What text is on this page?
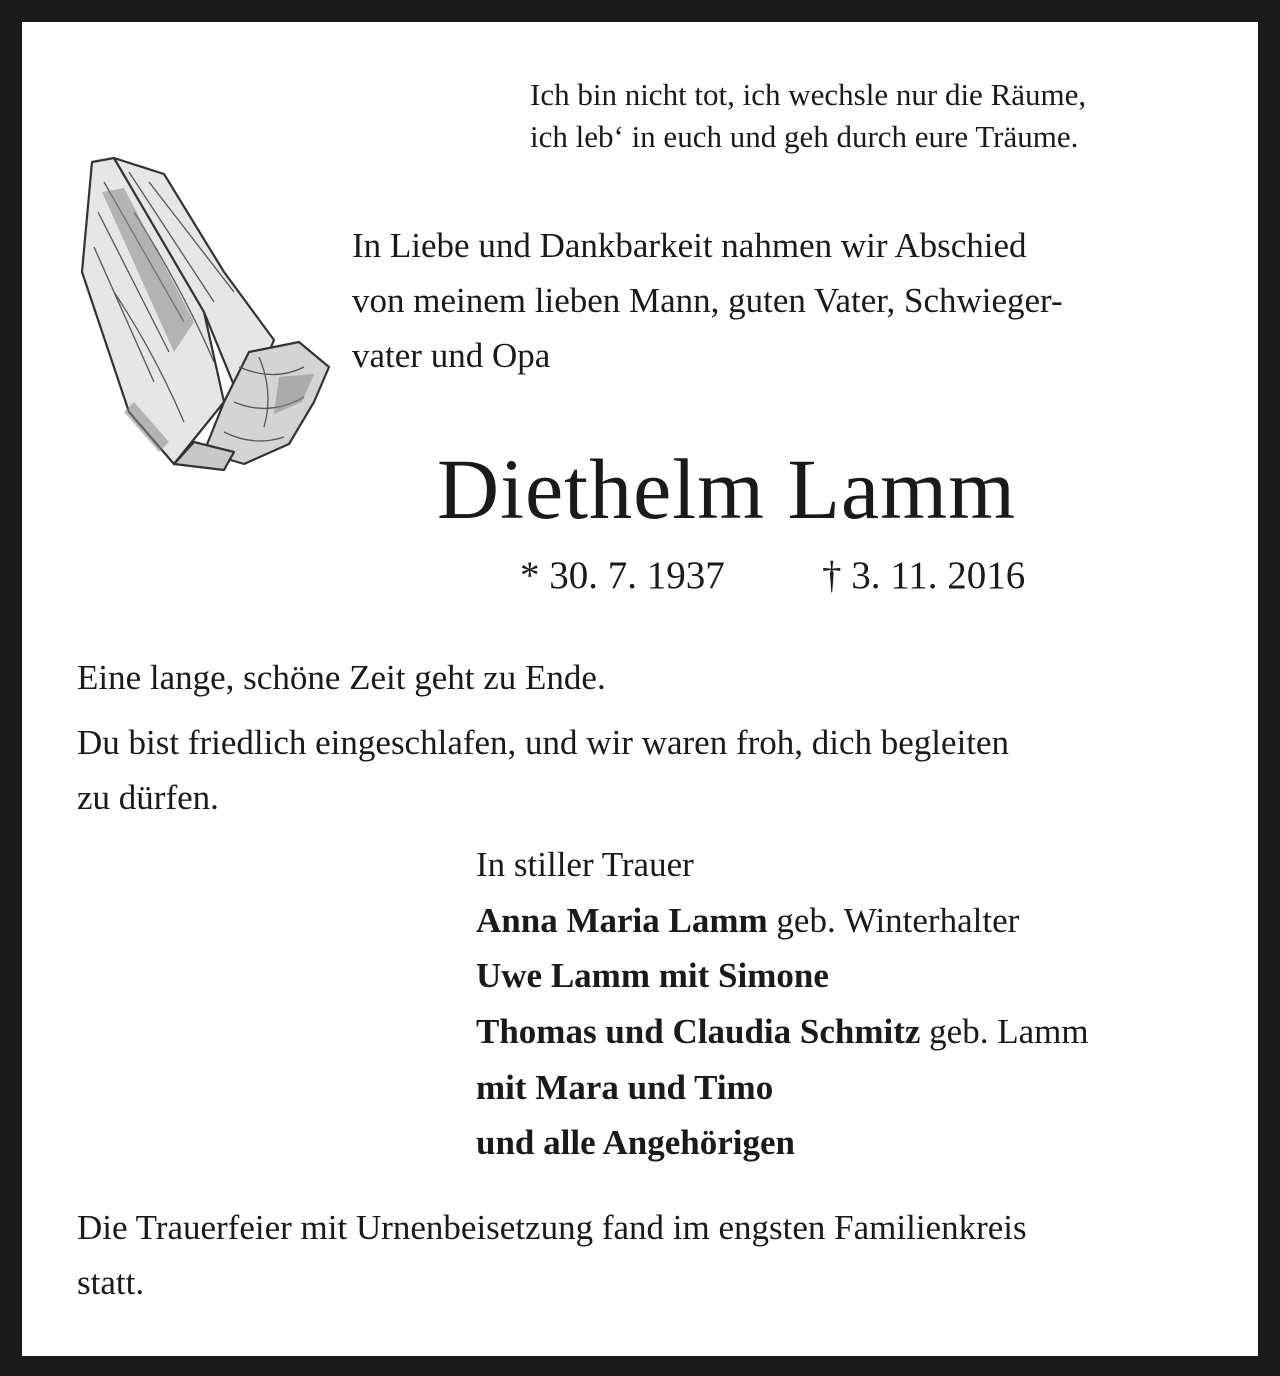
Ich bin nicht tot, ich wechsle nur die Räume,

ich leb‘ in euch und geh durch eure Träume.

In Liebe und Dankbarkeit nahmen wir Abschied

von meinem lieben Mann, guten Vater, Schwieger-

vater und Opa

Diethelm Lamm

* 30. 7. 1937 † 3. 11. 2016

Eine lange, schöne Zeit geht zu Ende.

Du bist friedlich eingeschlafen, und wir waren froh, dich begleiten

zu dürfen.

In stiller Trauer

Anna Maria Lamm geb. Winterhalter

Uwe Lamm mit Simone

Thomas und Claudia Schmitz geb. Lamm

mit Mara und Timo

und alle Angehörigen

Die Trauerfeier mit Urnenbeisetzung fand im engsten Familienkreis

statt.
